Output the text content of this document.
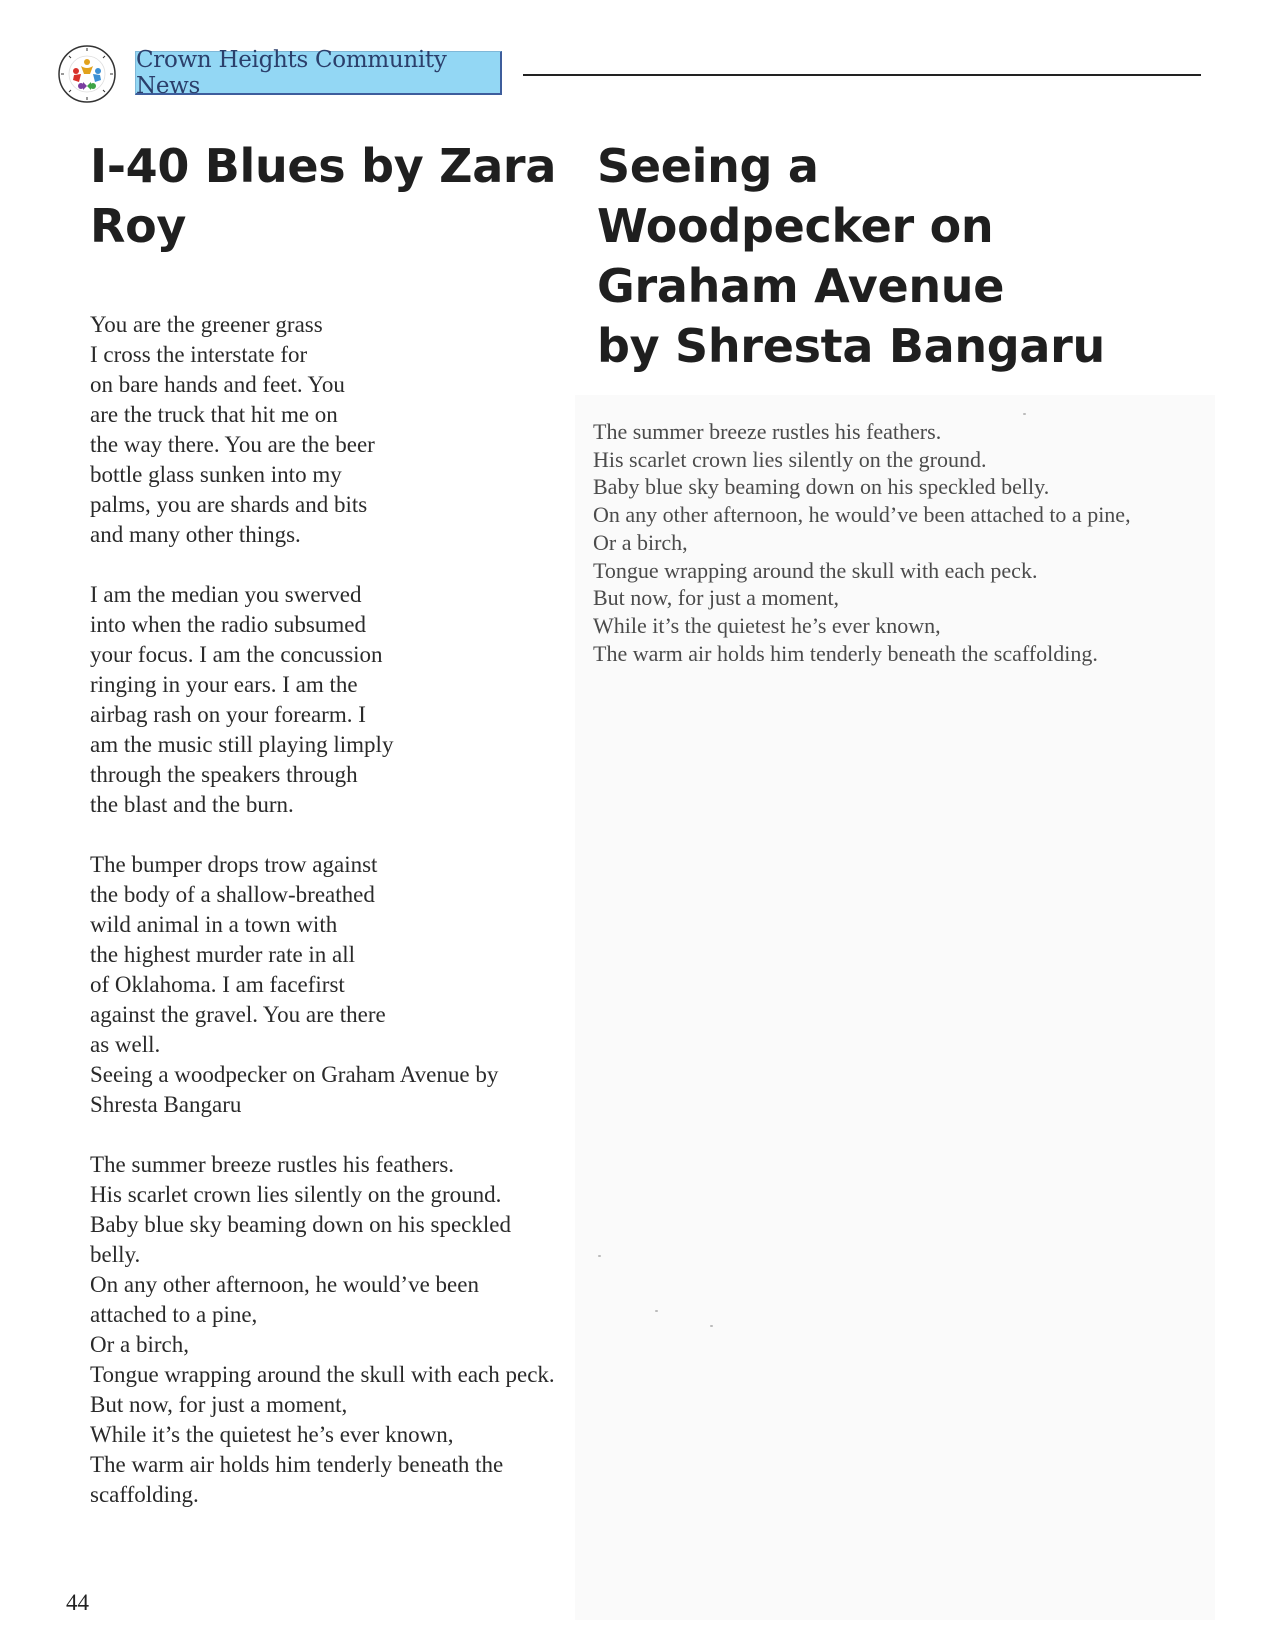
Crown Heights Community News
I-40 Blues by Zara Roy
Seeing a
Woodpecker on
Graham Avenue
by Shresta Bangaru

You are the greener grass
I cross the interstate for
on bare hands and feet. You
are the truck that hit me on
the way there. You are the beer
bottle glass sunken into my
palms, you are shards and bits
and many other things.

I am the median you swerved
into when the radio subsumed
your focus. I am the concussion
ringing in your ears. I am the
airbag rash on your forearm. I
am the music still playing limply
through the speakers through
the blast and the burn.

The bumper drops trow against
the body of a shallow-breathed
wild animal in a town with
the highest murder rate in all
of Oklahoma. I am facefirst
against the gravel. You are there
as well.
Seeing a woodpecker on Graham Avenue by
Shresta Bangaru

The summer breeze rustles his feathers.
His scarlet crown lies silently on the ground.
Baby blue sky beaming down on his speckled belly.
On any other afternoon, he would’ve been attached to a pine,
Or a birch,
Tongue wrapping around the skull with each peck.
But now, for just a moment,
While it’s the quietest he’s ever known,
The warm air holds him tenderly beneath the scaffolding.

The summer breeze rustles his feathers.
His scarlet crown lies silently on the ground.
Baby blue sky beaming down on his speckled belly.
On any other afternoon, he would’ve been attached to a pine,
Or a birch,
Tongue wrapping around the skull with each peck.
But now, for just a moment,
While it’s the quietest he’s ever known,
The warm air holds him tenderly beneath the scaffolding.
44
